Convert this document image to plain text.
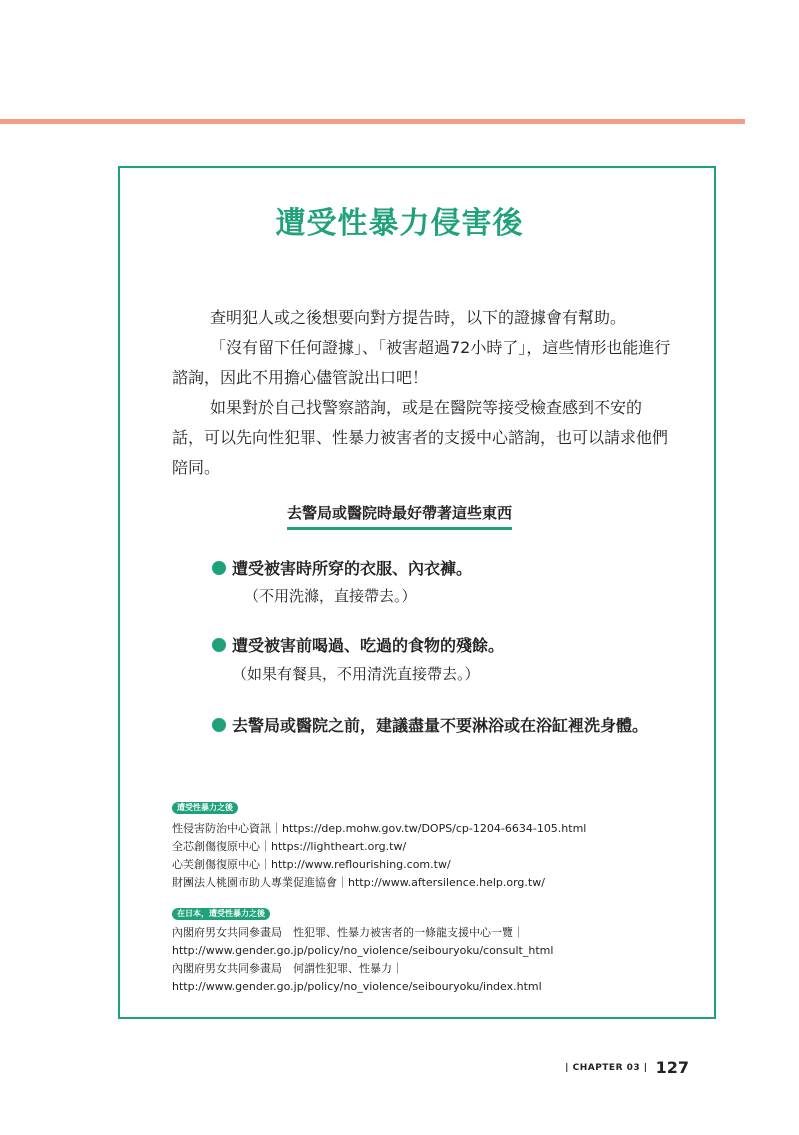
遭受性暴力侵害後
查明犯人或之後想要向對方提告時，以下的證據會有幫助。
「沒有留下任何證據」、「被害超過72小時了」，這些情形也能進行諮詢，因此不用擔心儘管說出口吧！
如果對於自己找警察諮詢，或是在醫院等接受檢查感到不安的話，可以先向性犯罪、性暴力被害者的支援中心諮詢，也可以請求他們陪同。
去警局或醫院時最好帶著這些東西
遭受被害時所穿的衣服、內衣褲。
（不用洗滌，直接帶去。）
遭受被害前喝過、吃過的食物的殘餘。
（如果有餐具，不用清洗直接帶去。）
去警局或醫院之前，建議盡量不要淋浴或在浴缸裡洗身體。
遭受性暴力之後
性侵害防治中心資訊｜https://dep.mohw.gov.tw/DOPS/cp-1204-6634-105.html
全芯創傷復原中心｜https://lightheart.org.tw/
心芙創傷復原中心｜http://www.reflourishing.com.tw/
財團法人桃園市助人專業促進協會｜http://www.aftersilence.help.org.tw/
在日本，遭受性暴力之後
內閣府男女共同參畫局　性犯罪、性暴力被害者的一條龍支援中心一覽｜
http://www.gender.go.jp/policy/no_violence/seibouryoku/consult_html
內閣府男女共同參畫局　何謂性犯罪、性暴力｜
http://www.gender.go.jp/policy/no_violence/seibouryoku/index.html
| CHAPTER 03 | 127
